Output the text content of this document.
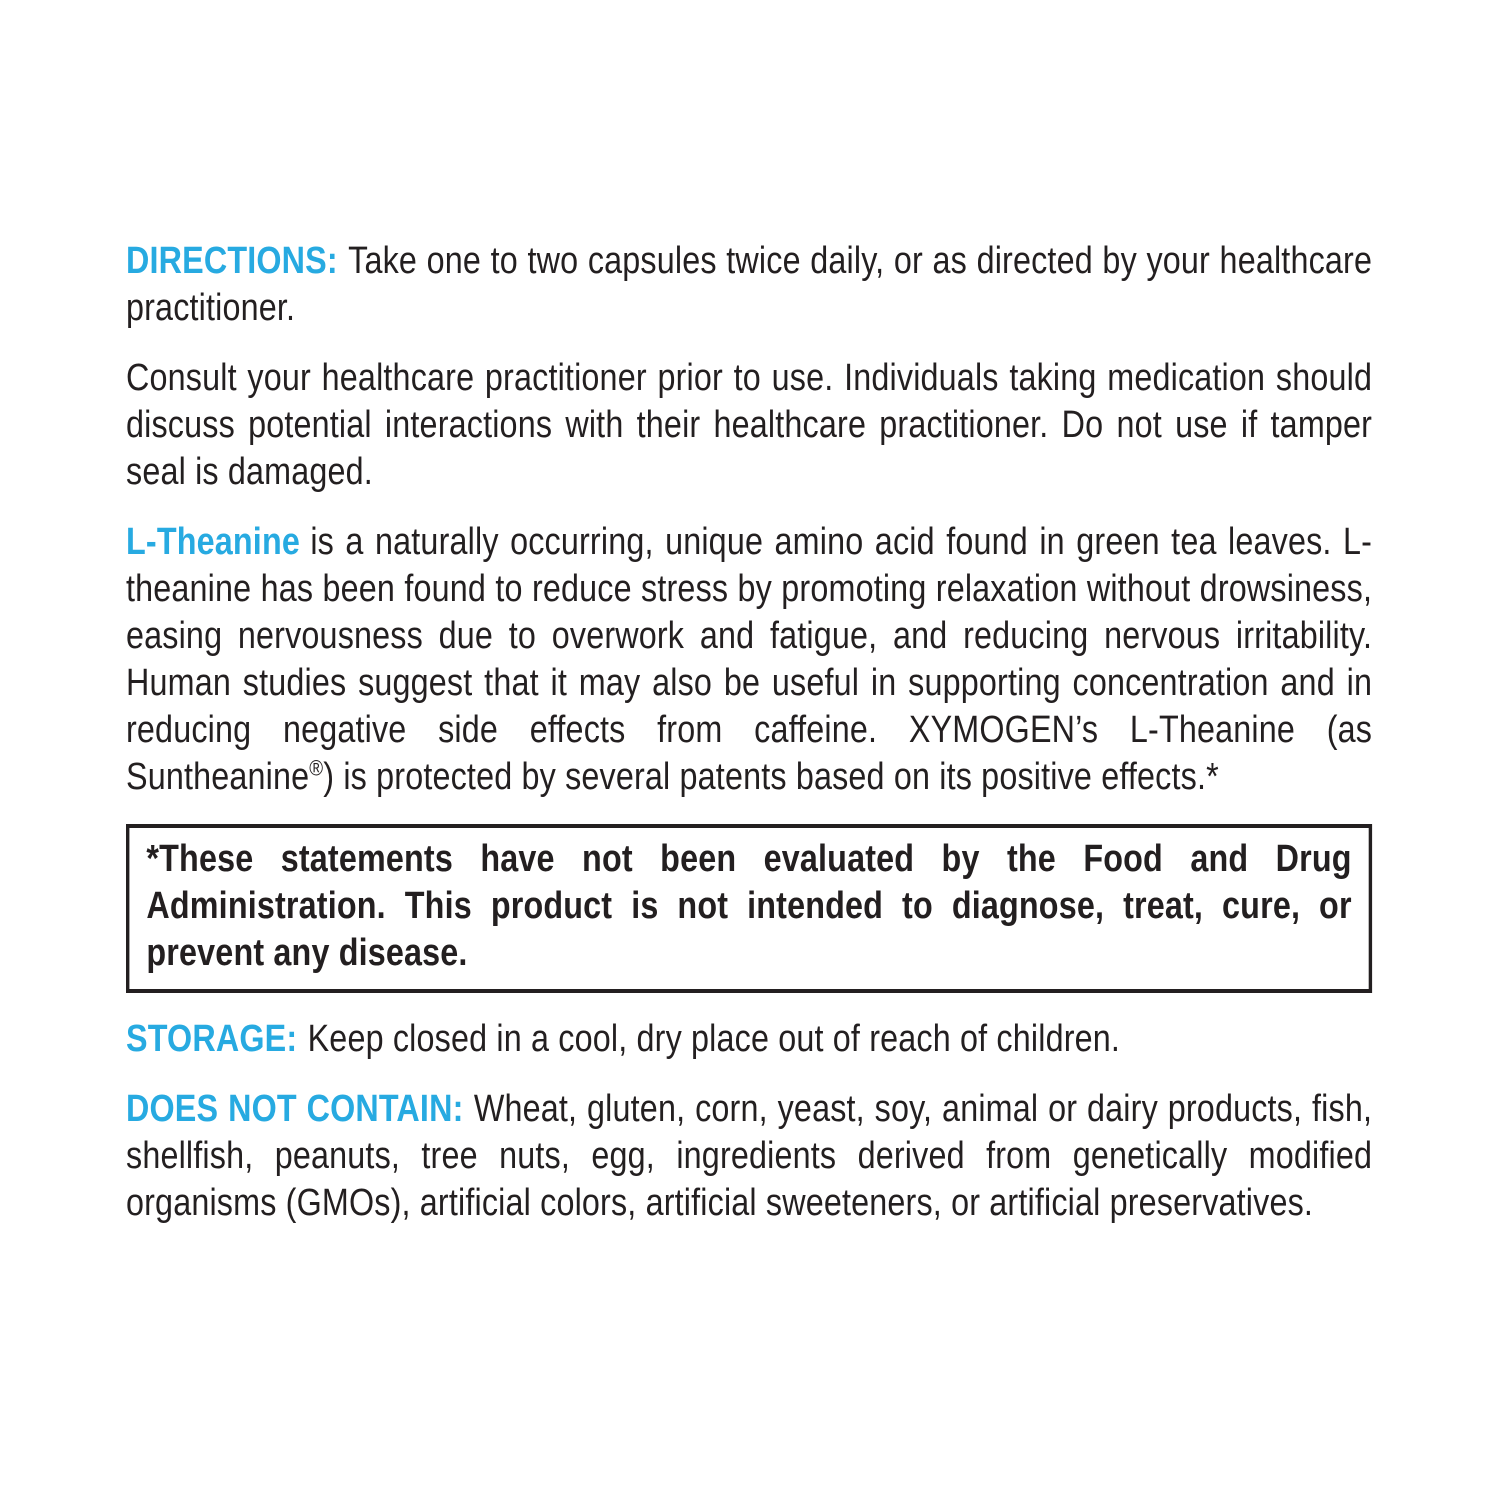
DIRECTIONS: Take one to two capsules twice daily, or as directed by your healthcare practitioner.

Consult your healthcare practitioner prior to use. Individuals taking medication should discuss potential interactions with their healthcare practitioner. Do not use if tamper seal is damaged.

L-Theanine is a naturally occurring, unique amino acid found in green tea leaves. L-theanine has been found to reduce stress by promoting relaxation without drowsiness, easing nervousness due to overwork and fatigue, and reducing nervous irritability. Human studies suggest that it may also be useful in supporting concentration and in reducing negative side effects from caffeine. XYMOGEN’s L-Theanine (as Suntheanine®) is protected by several patents based on its positive effects.*

*These statements have not been evaluated by the Food and Drug Administration. This product is not intended to diagnose, treat, cure, or prevent any disease.

STORAGE: Keep closed in a cool, dry place out of reach of children.

DOES NOT CONTAIN: Wheat, gluten, corn, yeast, soy, animal or dairy products, fish, shellfish, peanuts, tree nuts, egg, ingredients derived from genetically modified organisms (GMOs), artificial colors, artificial sweeteners, or artificial preservatives.
